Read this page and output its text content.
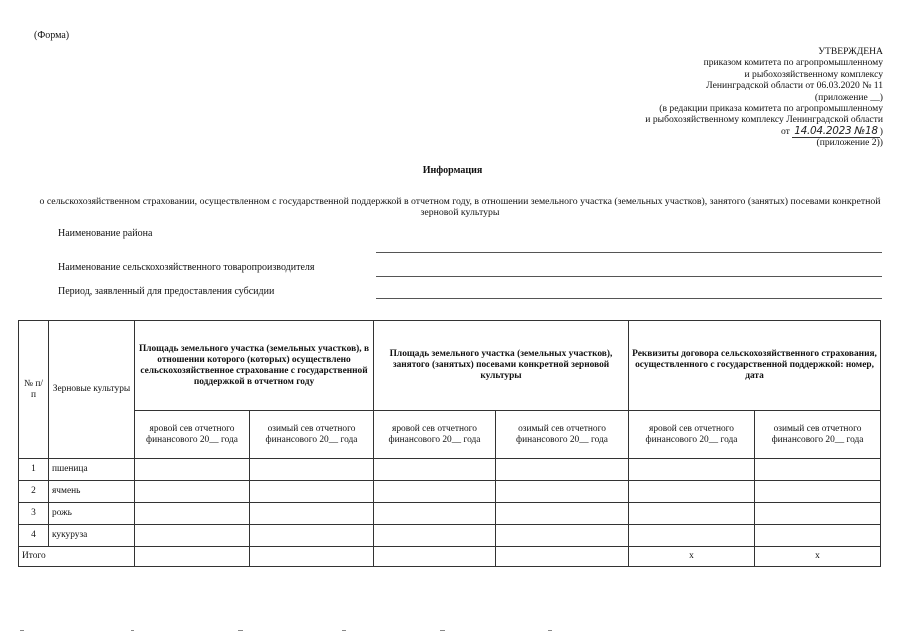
(Форма)
УТВЕРЖДЕНА
приказом комитета по агропромышленному
и рыбохозяйственному комплексу
Ленинградской области от 06.03.2020 № 11
(приложение __)
(в редакции приказа комитета по агропромышленному
и рыбохозяйственному комплексу Ленинградской области
от 14.04.2023 №18 )
(приложение 2))
Информация
о сельскохозяйственном страховании, осуществленном с государственной поддержкой в отчетном году, в отношении земельного участка (земельных участков), занятого (занятых) посевами конкретной зерновой культуры
Наименование района
Наименование сельскохозяйственного товаропроизводителя
Период, заявленный для предоставления субсидии
№ п/п	Зерновые культуры	Площадь земельного участка (земельных участков), в отношении которого (которых) осуществлено сельскохозяйственное страхование с государственной поддержкой в отчетном году		Площадь земельного участка (земельных участков), занятого (занятых) посевами конкретной зерновой культуры		Реквизиты договора сельскохозяйственного страхования, осуществленного с государственной поддержкой: номер, дата	
		яровой сев отчетного финансового 20__ года	озимый сев отчетного финансового 20__ года	яровой сев отчетного финансового 20__ года	озимый сев отчетного финансового 20__ года	яровой сев отчетного финансового 20__ года	озимый сев отчетного финансового 20__ года
1	пшеница						
2	ячмень						
3	рожь						
4	кукуруза						
Итого						х	х
